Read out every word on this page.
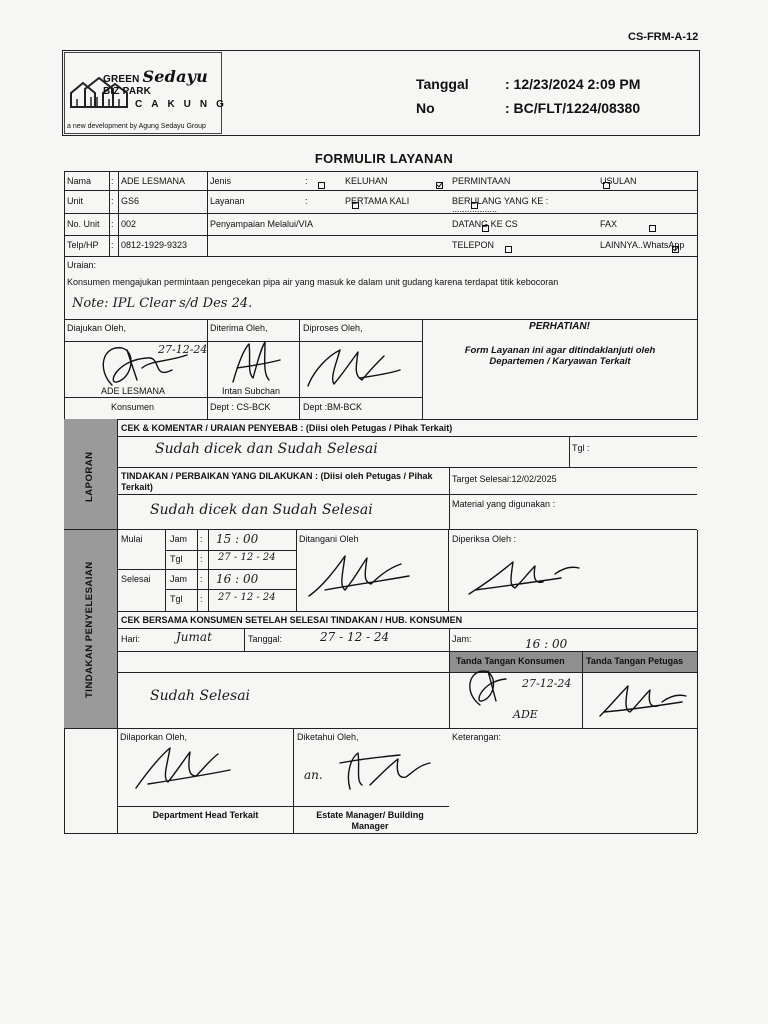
CS-FRM-A-12
GREEN Sedayu BIZ PARK
CAKUNG
a new development by Agung Sedayu Group
Tanggal	: 12/23/2024 2:09 PM
No	: BC/FLT/1224/08380
FORMULIR LAYANAN
Nama : ADE LESMANA	Jenis	:
	KELUHAN
	PERMINTAAN
	USULAN
Unit	: GS6	Layanan	:
	PERTAMA KALI
	BERULANG YANG KE :
..................
No. Unit : 002	Penyampaian Melalui/VIA
	DATANG KE CS
	FAX
Telp/HP : 0812-1929-9323
	TELEPON	LAINNYA..WhatsApp
Uraian:
Konsumen mengajukan permintaan pengecekan pipa air yang masuk ke dalam unit gudang karena terdapat titik kebocoran
Note: IPL Clear s/d Des 24.
Diajukan Oleh,	Diterima Oleh,	Diproses Oleh,
27-12-24
ADE LESMANA	Intan Subchan
Konsumen	Dept : CS-BCK	Dept :BM-BCK
PERHATIAN!
Form Layanan ini agar ditindaklanjuti oleh Departemen / Karyawan Terkait
LAPORAN
CEK & KOMENTAR / URAIAN PENYEBAB : (Diisi oleh Petugas / Pihak Terkait)
Sudah dicek dan Sudah Selesai	Tgl :
TINDAKAN / PERBAIKAN YANG DILAKUKAN : (Diisi oleh Petugas / Pihak Terkait)
Target Selesai:12/02/2025
Material yang digunakan :
Sudah dicek dan Sudah Selesai
TINDAKAN PENYELESAIAN
Mulai	Jam : 15 : 00
Tgl : 27 - 12 - 24
Selesai Jam : 16 : 00
Tgl : 27 - 12 - 24
Ditangani Oleh	Diperiksa Oleh :
CEK BERSAMA KONSUMEN SETELAH SELESAI TINDAKAN / HUB. KONSUMEN
Hari:	Jumat	Tanggal:	27 - 12 - 24	Jam:	16 : 00
Tanda Tangan Konsumen Tanda Tangan Petugas
Sudah Selesai
27-12-24
ADE
Dilaporkan Oleh,	Diketahui Oleh,
an.
Keterangan:
Department Head Terkait	Estate Manager/ Building Manager
